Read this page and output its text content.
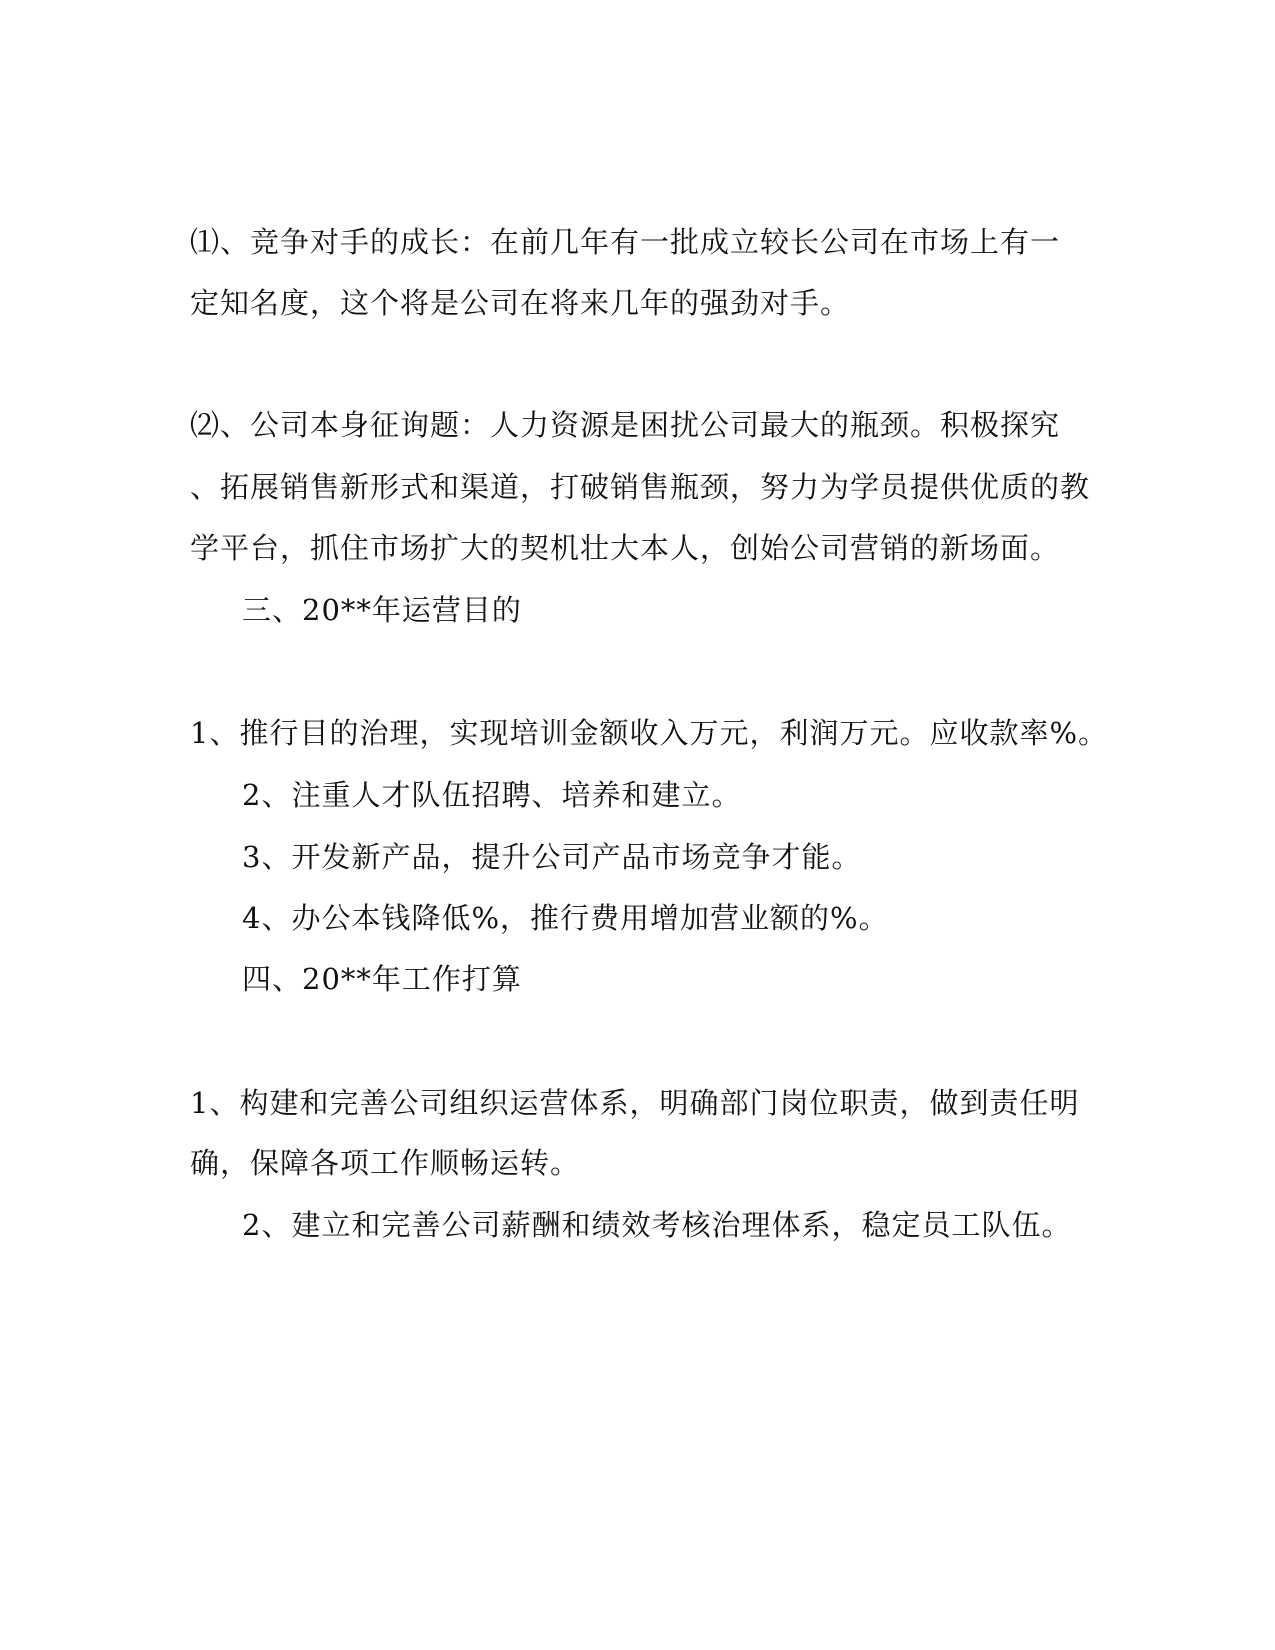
⑴、竞争对手的成长：在前几年有一批成立较长公司在市场上有一
定知名度，这个将是公司在将来几年的强劲对手。
⑵、公司本身征询题：人力资源是困扰公司最大的瓶颈。积极探究
、拓展销售新形式和渠道，打破销售瓶颈，努力为学员提供优质的教
学平台，抓住市场扩大的契机壮大本人，创始公司营销的新场面。
三、20**年运营目的
1、推行目的治理，实现培训金额收入万元，利润万元。应收款率%。
2、注重人才队伍招聘、培养和建立。
3、开发新产品，提升公司产品市场竞争才能。
4、办公本钱降低%，推行费用增加营业额的%。
四、20**年工作打算
1、构建和完善公司组织运营体系，明确部门岗位职责，做到责任明
确，保障各项工作顺畅运转。
2、建立和完善公司薪酬和绩效考核治理体系，稳定员工队伍。
